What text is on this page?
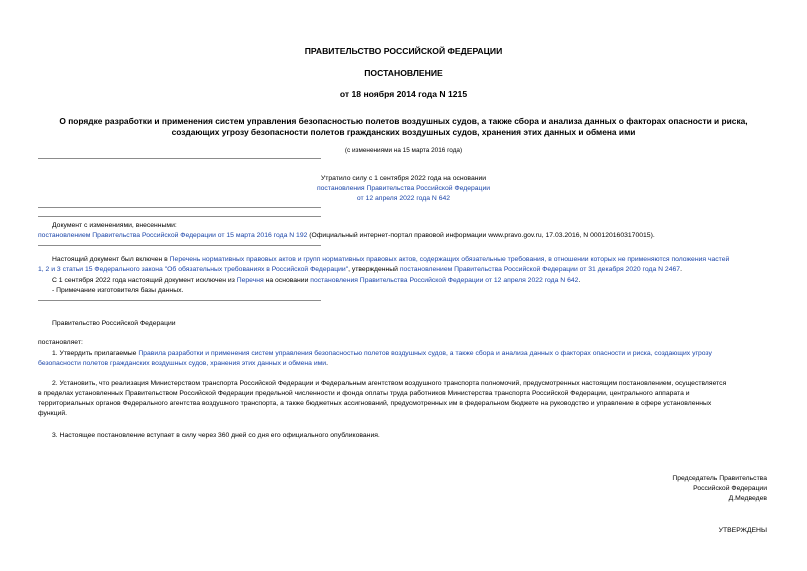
ПРАВИТЕЛЬСТВО РОССИЙСКОЙ ФЕДЕРАЦИИ
ПОСТАНОВЛЕНИЕ
от 18 ноября 2014 года N 1215
О порядке разработки и применения систем управления безопасностью полетов воздушных судов, а также сбора и анализа данных о факторах опасности и риска,
создающих угрозу безопасности полетов гражданских воздушных судов, хранения этих данных и обмена ими
(с изменениями на 15 марта 2016 года)
Утратило силу с 1 сентября 2022 года на основании
постановления Правительства Российской Федерации
от 12 апреля 2022 года N 642
Документ с изменениями, внесенными:
постановлением Правительства Российской Федерации от 15 марта 2016 года N 192 (Официальный интернет-портал правовой информации www.pravo.gov.ru, 17.03.2016, N 0001201603170015).
Настоящий документ был включен в Перечень нормативных правовых актов и групп нормативных правовых актов, содержащих обязательные требования, в отношении которых не применяются положения частей
1, 2 и 3 статьи 15 Федерального закона "Об обязательных требованиях в Российской Федерации", утвержденный постановлением Правительства Российской Федерации от 31 декабря 2020 года N 2467.
С 1 сентября 2022 года настоящий документ исключен из Перечня на основании постановления Правительства Российской Федерации от 12 апреля 2022 года N 642.
- Примечание изготовителя базы данных.
Правительство Российской Федерации
постановляет:
1. Утвердить прилагаемые Правила разработки и применения систем управления безопасностью полетов воздушных судов, а также сбора и анализа данных о факторах опасности и риска, создающих угрозу
безопасности полетов гражданских воздушных судов, хранения этих данных и обмена ими.
2. Установить, что реализация Министерством транспорта Российской Федерации и Федеральным агентством воздушного транспорта полномочий, предусмотренных настоящим постановлением, осуществляется
в пределах установленных Правительством Российской Федерации предельной численности и фонда оплаты труда работников Министерства транспорта Российской Федерации, центрального аппарата и
территориальных органов Федерального агентства воздушного транспорта, а также бюджетных ассигнований, предусмотренных им в федеральном бюджете на руководство и управление в сфере установленных
функций.
3. Настоящее постановление вступает в силу через 360 дней со дня его официального опубликования.
Председатель Правительства
Российской Федерации
Д.Медведев
УТВЕРЖДЕНЫ
